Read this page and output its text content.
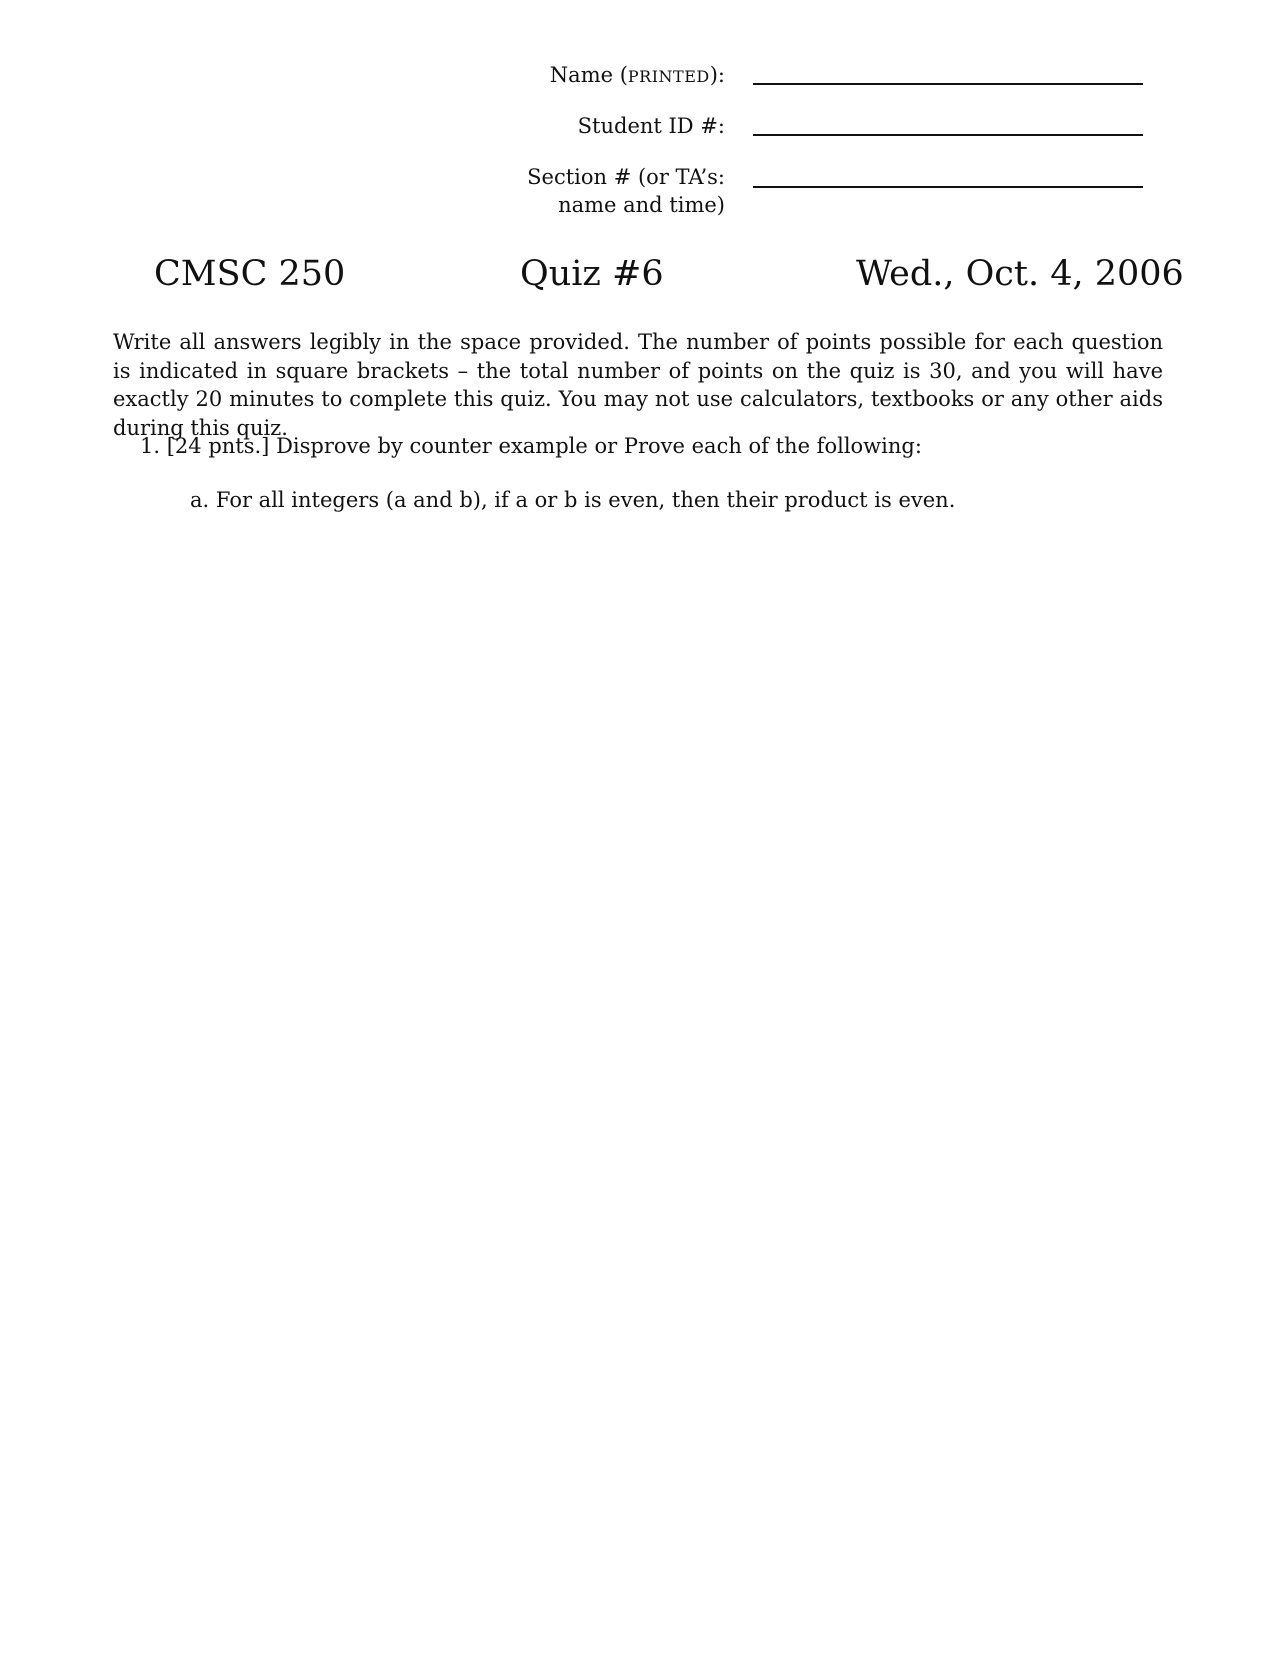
Name (PRINTED):
Student ID #:
Section # (or TA’s:
name and time)
CMSC 250	Quiz #6	Wed., Oct. 4, 2006
Write all answers legibly in the space provided. The number of points possible for each question is indicated in square brackets – the total number of points on the quiz is 30, and you will have exactly 20 minutes to complete this quiz. You may not use calculators, textbooks or any other aids during this quiz.
1. [24 pnts.] Disprove by counter example or Prove each of the following:
a. For all integers (a and b), if a or b is even, then their product is even.
